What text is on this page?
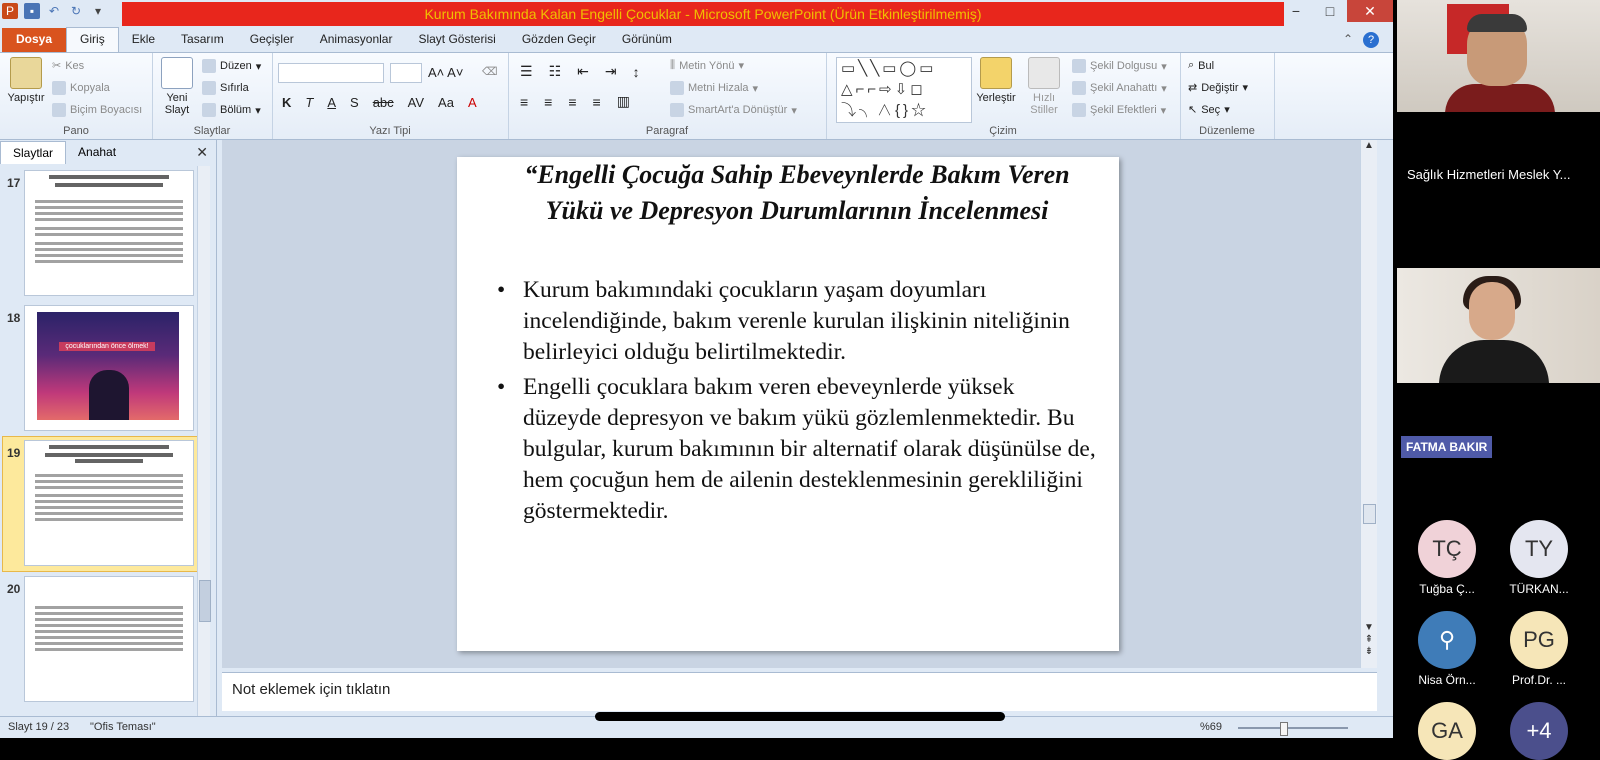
P	▪	↶ ↻	▾	Kurum Bakımında Kalan Engelli Çocuklar - Microsoft PowerPoint (Ürün Etkinleştirilmemiş)	−	□	✕
Dosya	Giriş	Ekle	Tasarım	Geçişler	Animasyonlar	Slayt Gösterisi	Gözden Geçir	Görünüm	⌃	?
Yapıştır
✂ Kes
Kopyala
Biçim Boyacısı
Pano
Yeni Slayt
Düzen ▾
Sıfırla
Bölüm ▾
Slaytlar
A˄ A˅ ⌫
K T A S abc AV Aa A
Yazı Tipi
☰ ☷ ⇤ ⇥ ↕
≡ ≡ ≡ ≡ ▥
⫼ Metin Yönü ▾
Metni Hizala ▾
SmartArt'a Dönüştür ▾
Paragraf
▭╲╲▭◯▭
△⌐⌐⇨⇩◻
⤵╮∧{}☆
Yerleştir	Hızlı Stiller
Şekil Dolgusu ▾
Şekil Anahattı ▾
Şekil Efektleri ▾
Çizim
⌕ Bul
⇄ Değiştir ▾
↖ Seç ▾
Düzenleme
Slaytlar	Anahat	✕
17
18
çocuklarından önce ölmek!
19
20
“Engelli Çocuğa Sahip Ebeveynlerde Bakım Veren Yükü ve Depresyon Durumlarının İncelenmesi
• Kurum bakımındaki çocukların yaşam doyumları incelendiğinde, bakım verenle kurulan ilişkinin niteliğinin belirleyici olduğu belirtilmektedir.
• Engelli çocuklara bakım veren ebeveynlerde yüksek düzeyde depresyon ve bakım yükü gözlemlenmektedir. Bu bulgular, kurum bakımının bir alternatif olarak düşünülse de, hem çocuğun hem de ailenin desteklenmesinin gerekliliğini göstermektedir.
▲
▼
⇞
⇟
Not eklemek için tıklatın
Slayt 19 / 23 "Ofis Teması"	%69
Sağlık Hizmetleri Meslek Y...
FATMA BAKIR
TÇ
Tuğba Ç...
TY
TÜRKAN...
⚲
Nisa Örn...
PG
Prof.Dr. ...
GA	+4
